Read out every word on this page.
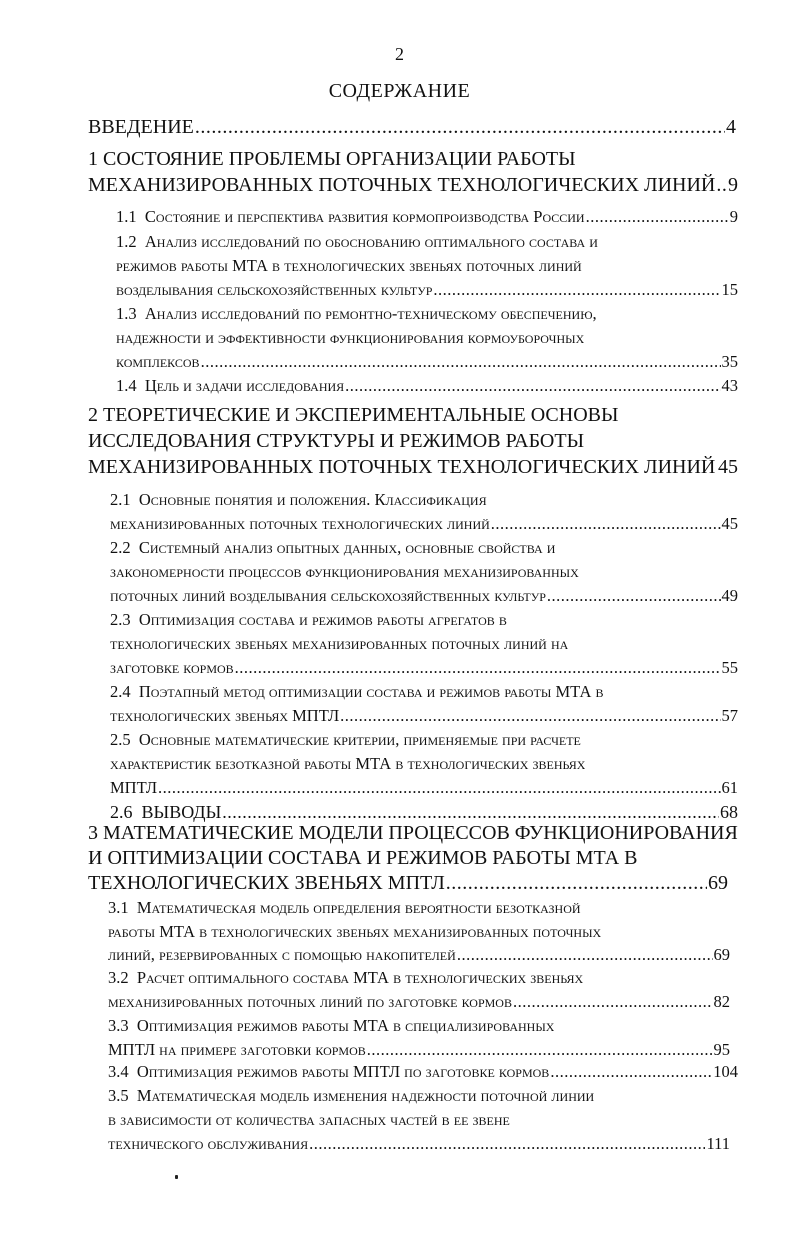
2
СОДЕРЖАНИЕ
ВВЕДЕНИЕ .....	4
1 СОСТОЯНИЕ ПРОБЛЕМЫ ОРГАНИЗАЦИИ РАБОТЫ
МЕХАНИЗИРОВАННЫХ ПОТОЧНЫХ ТЕХНОЛОГИЧЕСКИХ ЛИНИЙ ..... 9
1.1 Состояние и перспектива развития кормопроизводства России .....	9
1.2 Анализ исследований по обоснованию оптимального состава и
режимов работы МТА в технологических звеньях поточных линий
возделывания сельскохозяйственных культур .....	15
1.3 Анализ исследований по ремонтно-техническому обеспечению,
надежности и эффективности функционирования кормоуборочных
комплексов .....	35
1.4 Цель и задачи исследования .....	43
2 ТЕОРЕТИЧЕСКИЕ И ЭКСПЕРИМЕНТАЛЬНЫЕ ОСНОВЫ
ИССЛЕДОВАНИЯ СТРУКТУРЫ И РЕЖИМОВ РАБОТЫ
МЕХАНИЗИРОВАННЫХ ПОТОЧНЫХ ТЕХНОЛОГИЧЕСКИХ ЛИНИЙ ..... 45
2.1 Основные понятия и положения. Классификация
механизированных поточных технологических линий .....	45
2.2 Системный анализ опытных данных, основные свойства и
закономерности процессов функционирования механизированных
поточных линий возделывания сельскохозяйственных культур .....	49
2.3 Оптимизация состава и режимов работы агрегатов в
технологических звеньях механизированных поточных линий на
заготовке кормов .....	55
2.4 Поэтапный метод оптимизации состава и режимов работы МТА в
технологических звеньях МПТЛ .....	57
2.5 Основные математические критерии, применяемые при расчете
характеристик безотказной работы МТА в технологических звеньях
МПТЛ .....	61
2.6 ВЫВОДЫ .....	68
3 МАТЕМАТИЧЕСКИЕ МОДЕЛИ ПРОЦЕССОВ ФУНКЦИОНИРОВАНИЯ
И ОПТИМИЗАЦИИ СОСТАВА И РЕЖИМОВ РАБОТЫ МТА В
ТЕХНОЛОГИЧЕСКИХ ЗВЕНЬЯХ МПТЛ .....	69
3.1 Математическая модель определения вероятности безотказной
работы МТА в технологических звеньях механизированных поточных
линий, резервированных с помощью накопителей .....	69
3.2 Расчет оптимального состава МТА в технологических звеньях
механизированных поточных линий по заготовке кормов .....	82
3.3 Оптимизация режимов работы МТА в специализированных
МПТЛ на примере заготовки кормов .....	95
3.4 Оптимизация режимов работы МПТЛ по заготовке кормов .....	104
3.5 Математическая модель изменения надежности поточной линии
в зависимости от количества запасных частей в ее звене
технического обслуживания .....	111
